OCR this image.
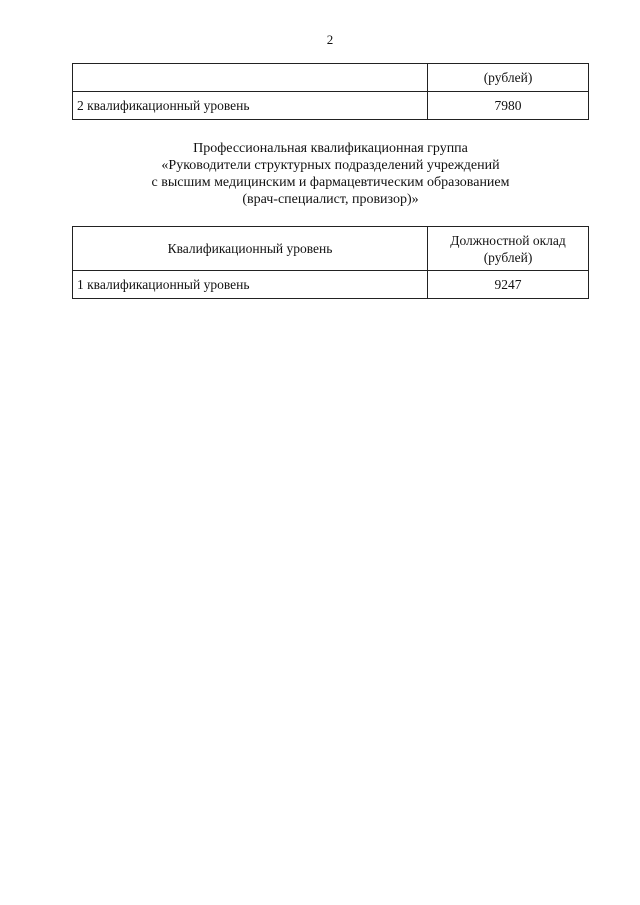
2
	(рублей)
2 квалификационный уровень	7980
Профессиональная квалификационная группа
«Руководители структурных подразделений учреждений
с высшим медицинским и фармацевтическим образованием
(врач-специалист, провизор)»
Квалификационный уровень	Должностной оклад
(рублей)

1 квалификационный уровень	9247
